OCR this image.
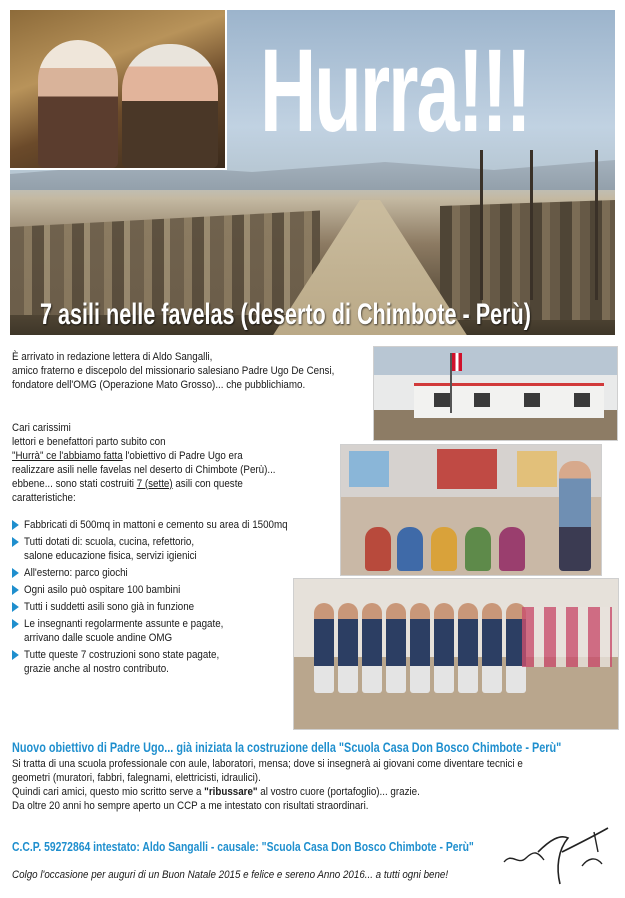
Hurra!!!
7 asili nelle favelas (deserto di Chimbote - Perù)
È arrivato in redazione lettera di Aldo Sangalli,
amico fraterno e discepolo del missionario salesiano Padre Ugo De Censi,
fondatore dell'OMG (Operazione Mato Grosso)... che pubblichiamo.
Cari carissimi
lettori e benefattori parto subito con
"Hurrà" ce l'abbiamo fatta l'obiettivo di Padre Ugo era
realizzare asili nelle favelas nel deserto di Chimbote (Perù)...
ebbene... sono stati costruiti 7 (sette) asili con queste
caratteristiche:
Fabbricati di 500mq in mattoni e cemento su area di 1500mq
Tutti dotati di: scuola, cucina, refettorio,
salone educazione fisica, servizi igienici
All'esterno: parco giochi
Ogni asilo può ospitare 100 bambini
Tutti i suddetti asili sono già in funzione
Le insegnanti regolarmente assunte e pagate,
arrivano dalle scuole andine OMG
Tutte queste 7 costruzioni sono state pagate,
grazie anche al nostro contributo.
Nuovo obiettivo di Padre Ugo... già iniziata la costruzione della "Scuola Casa Don Bosco Chimbote - Perù"
Si tratta di una scuola professionale con aule, laboratori, mensa; dove si insegnerà ai giovani come diventare tecnici e
geometri (muratori, fabbri, falegnami, elettricisti, idraulici).
Quindi cari amici, questo mio scritto serve a "ribussare" al vostro cuore (portafoglio)... grazie.
Da oltre 20 anni ho sempre aperto un CCP a me intestato con risultati straordinari.

C.C.P. 59272864 intestato: Aldo Sangalli - causale: "Scuola Casa Don Bosco Chimbote - Perù"

Colgo l'occasione per auguri di un Buon Natale 2015 e felice e sereno Anno 2016... a tutti ogni bene!
